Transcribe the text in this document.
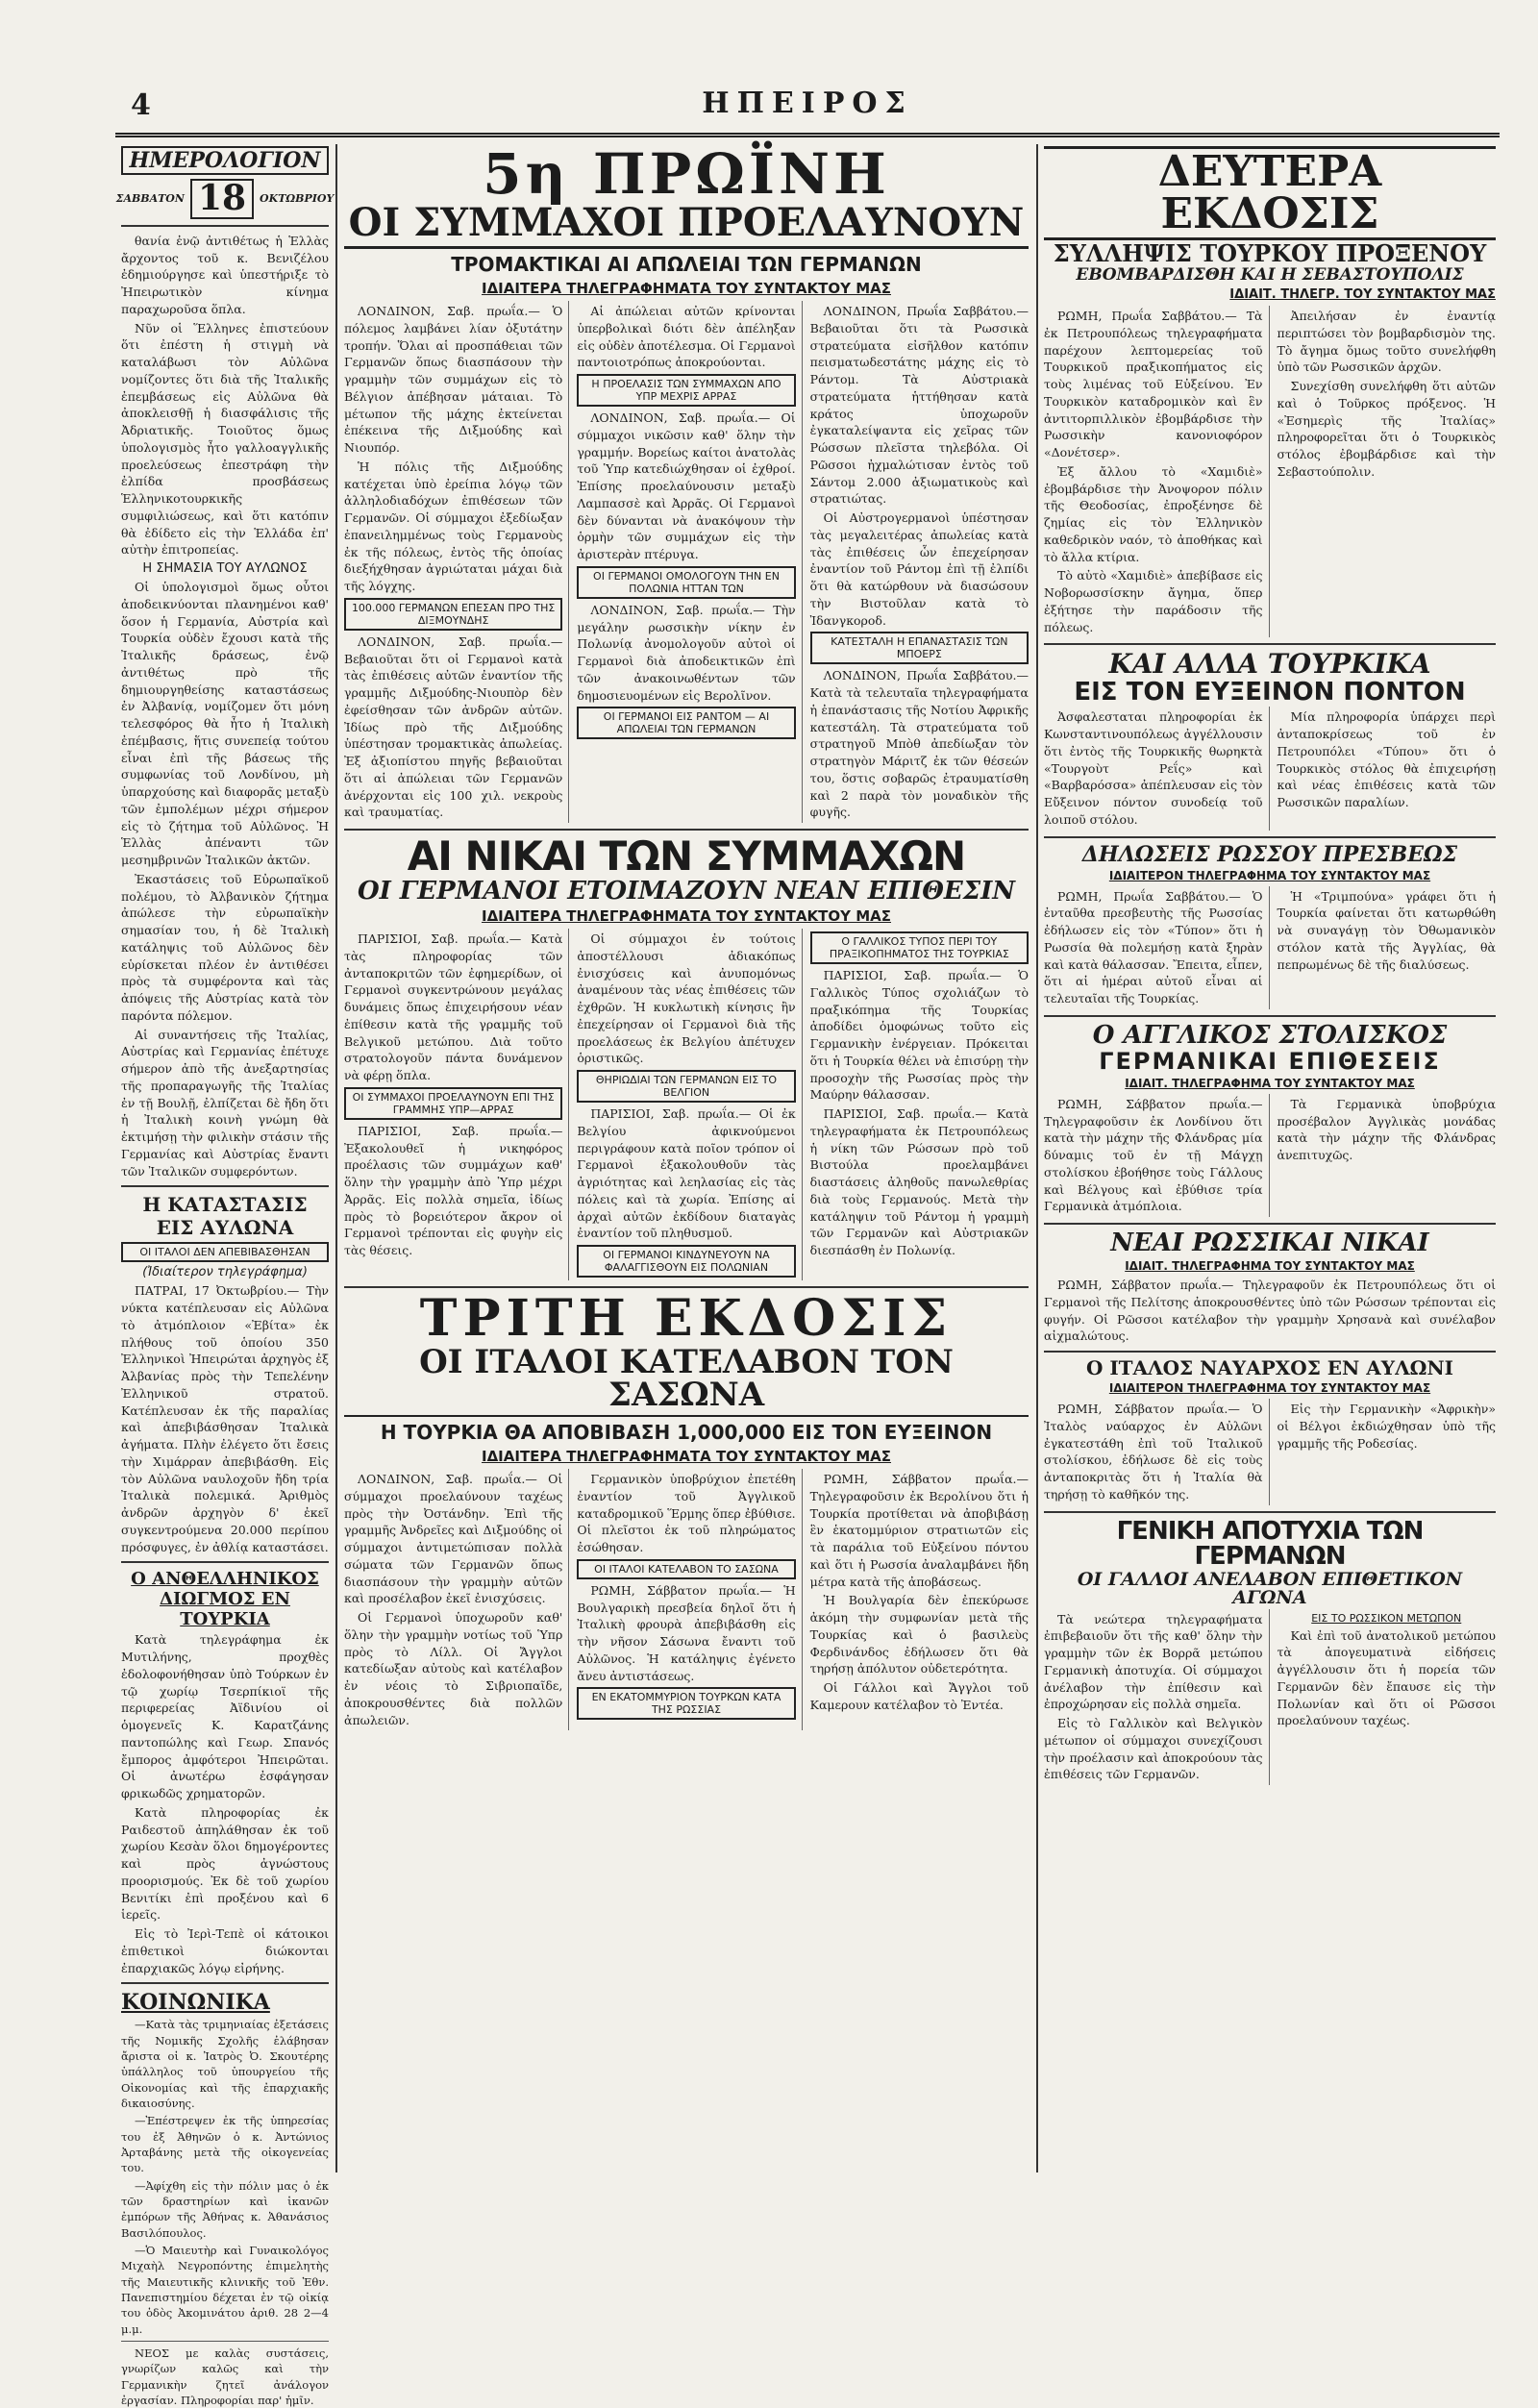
4	ΗΠΕΙΡΟΣ
ΗΜΕΡΟΛΟΓΙΟΝ
ΣΑΒΒΑΤΟΝ 18	ΟΚΤΩΒΡΙΟΥ

θανία ἐνῷ ἀντιθέτως ἡ Ἑλλὰς ἄρχοντος τοῦ κ. Βενιζέλου ἐδημιούργησε καὶ ὑπεστήριξε τὸ Ἠπειρωτικὸν κίνημα παραχωροῦσα ὅπλα.

Νῦν οἱ Ἕλληνες ἐπιστεύουν ὅτι ἐπέστη ἡ στιγμὴ νὰ καταλάβωσι τὸν Αὐλῶνα νομίζοντες ὅτι διὰ τῆς Ἰταλικῆς ἐπεμβάσεως εἰς Αὐλῶνα θὰ ἀποκλεισθῇ ἡ διασφάλισις τῆς Ἀδριατικῆς. Τοιοῦτος ὅμως ὑπολογισμὸς ἦτο γαλλοαγγλικῆς προελεύσεως ἐπεστράφη τὴν ἐλπίδα προσβάσεως Ἑλληνικοτουρκικῆς συμφιλιώσεως, καὶ ὅτι κατόπιν θὰ ἐδίδετο εἰς τὴν Ἑλλάδα ἐπ' αὐτὴν ἐπιτροπείας.

Η ΣΗΜΑΣΙΑ ΤΟΥ ΑΥΛΩΝΟΣ

Οἱ ὑπολογισμοὶ ὅμως οὗτοι ἀποδεικνύονται πλανημένοι καθ' ὅσον ἡ Γερμανία, Αὐστρία καὶ Τουρκία οὐδὲν ἔχουσι κατὰ τῆς Ἰταλικῆς δράσεως, ἐνῷ ἀντιθέτως πρὸ τῆς δημιουργηθείσης καταστάσεως ἐν Ἀλβανίᾳ, νομίζομεν ὅτι μόνη τελεσφόρος θὰ ἦτο ἡ Ἰταλικὴ ἐπέμβασις, ἥτις συνεπείᾳ τούτου εἶναι ἐπὶ τῆς βάσεως τῆς συμφωνίας τοῦ Λονδίνου, μὴ ὑπαρχούσης καὶ διαφορᾶς μεταξὺ τῶν ἐμπολέμων μέχρι σήμερον εἰς τὸ ζήτημα τοῦ Αὐλῶνος. Ἡ Ἑλλὰς ἀπέναντι τῶν μεσημβρινῶν Ἰταλικῶν ἀκτῶν.

Ἐκαστάσεις τοῦ Εὐρωπαϊκοῦ πολέμου, τὸ Ἀλβανικὸν ζήτημα ἀπώλεσε τὴν εὐρωπαϊκὴν σημασίαν του, ἡ δὲ Ἰταλικὴ κατάληψις τοῦ Αὐλῶνος δὲν εὑρίσκεται πλέον ἐν ἀντιθέσει πρὸς τὰ συμφέροντα καὶ τὰς ἀπόψεις τῆς Αὐστρίας κατὰ τὸν παρόντα πόλεμον.

Αἱ συναντήσεις τῆς Ἰταλίας, Αὐστρίας καὶ Γερμανίας ἐπέτυχε σήμερον ἀπὸ τῆς ἀνεξαρτησίας τῆς προπαραγωγῆς τῆς Ἰταλίας ἐν τῇ Βουλῇ, ἐλπίζεται δὲ ἤδη ὅτι ἡ Ἰταλικὴ κοινὴ γνώμη θὰ ἐκτιμήσῃ τὴν φιλικὴν στάσιν τῆς Γερμανίας καὶ Αὐστρίας ἔναντι τῶν Ἰταλικῶν συμφερόντων.

Η ΚΑΤΑΣΤΑΣΙΣ ΕΙΣ ΑΥΛΩΝΑ
ΟΙ ΙΤΑΛΟΙ ΔΕΝ ΑΠΕΒΙΒΑΣΘΗΣΑΝ
(Ἰδιαίτερον τηλεγράφημα)

ΠΑΤΡΑΙ, 17 Ὀκτωβρίου.— Τὴν νύκτα κατέπλευσαν εἰς Αὐλῶνα τὸ ἀτμόπλοιον «Ἐβίτα» ἐκ πλήθους τοῦ ὁποίου 350 Ἐλληνικοὶ Ἠπειρώται ἀρχηγὸς ἐξ Ἀλβανίας πρὸς τὴν Τεπελένην Ἐλληνικοῦ στρατοῦ. Κατέπλευσαν ἐκ τῆς παραλίας καὶ ἀπεβιβάσθησαν Ἰταλικὰ ἀγήματα. Πλὴν ἐλέγετο ὅτι ἔσεις τὴν Χιμάρραν ἀπεβιβάσθη. Εἰς τὸν Αὐλῶνα ναυλοχοῦν ἤδη τρία Ἰταλικὰ πολεμικά. Ἀριθμὸς ἀνδρῶν ἀρχηγὸν δ' ἐκεῖ συγκεντρούμενα 20.000 περίπου πρόσφυγες, ἐν ἀθλίᾳ καταστάσει.

Ο ΑΝΘΕΛΛΗΝΙΚΟΣ ΔΙΩΓΜΟΣ ΕΝ ΤΟΥΡΚΙΑ

Κατὰ τηλεγράφημα ἐκ Μυτιλήνης, προχθὲς ἐδολοφονήθησαν ὑπὸ Τούρκων ἐν τῷ χωρίῳ Τσερπίκιοϊ τῆς περιφερείας Ἀϊδινίου οἱ ὁμογενεῖς Κ. Καρατζάνης παντοπώλης καὶ Γεωρ. Σπανός ἔμπορος ἀμφότεροι Ἠπειρῶται. Οἱ ἀνωτέρω ἐσφάγησαν φρικωδῶς χρηματορῶν.

Κατὰ πληροφορίας ἐκ Ραιδεστοῦ ἀπηλάθησαν ἐκ τοῦ χωρίου Κεσὰν ὅλοι δημογέροντες καὶ πρὸς ἀγνώστους προορισμούς. Ἐκ δὲ τοῦ χωρίου Βενιτίκι ἐπὶ προξένου καὶ 6 ἱερεῖς.

Εἰς τὸ Ἰερὶ-Τεπὲ οἱ κάτοικοι ἐπιθετικοὶ διώκονται ἐπαρχιακῶς λόγῳ εἰρήνης.

ΚΟΙΝΩΝΙΚΑ

—Κατὰ τὰς τριμηνιαίας ἐξετάσεις τῆς Νομικῆς Σχολῆς ἐλάβησαν ἄριστα οἱ κ. Ἰατρὸς Ὀ. Σκουτέρης ὑπάλληλος τοῦ ὑπουργείου τῆς Οἰκονομίας καὶ τῆς ἐπαρχιακῆς δικαιοσύνης.

—Ἐπέστρεψεν ἐκ τῆς ὑπηρεσίας του ἐξ Ἀθηνῶν ὁ κ. Ἀντώνιος Ἀρταβάνης μετὰ τῆς οἰκογενείας του.

—Ἀφίχθη εἰς τὴν πόλιν μας ὁ ἐκ τῶν δραστηρίων καὶ ἱκανῶν ἐμπόρων τῆς Ἀθήνας κ. Ἀθανάσιος Βασιλόπουλος.

—Ὁ Μαιευτὴρ καὶ Γυναικολόγος Μιχαὴλ Νεγροπόντης ἐπιμελητὴς τῆς Μαιευτικῆς κλινικῆς τοῦ Ἐθν. Πανεπιστημίου δέχεται ἐν τῷ οἰκίᾳ του ὁδὸς Ἀκομινάτου ἀριθ. 28 2—4 μ.μ.

ΝΕΟΣ με καλὰς συστάσεις, γνωρίζων καλῶς καὶ τὴν Γερμανικὴν ζητεῖ ἀνάλογον ἐργασίαν. Πληροφορίαι παρ' ἡμῖν.

5η ΠΡΩΪΝΗ
ΟΙ ΣΥΜΜΑΧΟΙ ΠΡΟΕΛΑΥΝΟΥΝ
ΤΡΟΜΑΚΤΙΚΑΙ ΑΙ ΑΠΩΛΕΙΑΙ ΤΩΝ ΓΕΡΜΑΝΩΝ
ΙΔΙΑΙΤΕΡΑ ΤΗΛΕΓΡΑΦΗΜΑΤΑ ΤΟΥ ΣΥΝΤΑΚΤΟΥ ΜΑΣ

ΛΟΝΔΙΝΟΝ, Σαβ. πρωΐα.— Ὁ πόλεμος λαμβάνει λίαν ὀξυτάτην τροπήν. Ὅλαι αἱ προσπάθειαι τῶν Γερμανῶν ὅπως διασπάσουν τὴν γραμμὴν τῶν συμμάχων εἰς τὸ Βέλγιον ἀπέβησαν μάταιαι. Τὸ μέτωπον τῆς μάχης ἐκτείνεται ἐπέκεινα τῆς Διξμούδης καὶ Νιουπόρ.

Ἡ πόλις τῆς Διξμούδης κατέχεται ὑπὸ ἐρείπια λόγῳ τῶν ἀλληλοδιαδόχων ἐπιθέσεων τῶν Γερμανῶν. Οἱ σύμμαχοι ἐξεδίωξαν ἐπανειλημμένως τοὺς Γερμανοὺς ἐκ τῆς πόλεως, ἐντὸς τῆς ὁποίας διεξήχθησαν ἀγριώταται μάχαι διὰ τῆς λόγχης.

100.000 ΓΕΡΜΑΝΩΝ ΕΠΕΣΑΝ ΠΡΟ ΤΗΣ ΔΙΞΜΟΥΝΔΗΣ

ΛΟΝΔΙΝΟΝ, Σαβ. πρωΐα.— Βεβαιοῦται ὅτι οἱ Γερμανοὶ κατὰ τὰς ἐπιθέσεις αὐτῶν ἐναντίον τῆς γραμμῆς Διξμούδης-Νιουπὸρ δὲν ἐφείσθησαν τῶν ἀνδρῶν αὐτῶν. Ἰδίως πρὸ τῆς Διξμούδης ὑπέστησαν τρομακτικὰς ἀπωλείας. Ἐξ ἀξιοπίστου πηγῆς βεβαιοῦται ὅτι αἱ ἀπώλειαι τῶν Γερμανῶν ἀνέρχονται εἰς 100 χιλ. νεκροὺς καὶ τραυματίας.

Αἱ ἀπώλειαι αὐτῶν κρίνονται ὑπερβολικαὶ διότι δὲν ἀπέληξαν εἰς οὐδὲν ἀποτέλεσμα. Οἱ Γερμανοὶ παντοιοτρόπως ἀποκρούονται.

Η ΠΡΟΕΛΑΣΙΣ ΤΩΝ ΣΥΜΜΑΧΩΝ ΑΠΟ ΥΠΡ ΜΕΧΡΙΣ ΑΡΡΑΣ

ΛΟΝΔΙΝΟΝ, Σαβ. πρωΐα.— Οἱ σύμμαχοι νικῶσιν καθ' ὅλην τὴν γραμμήν. Βορείως καίτοι ἀνατολὰς τοῦ Ὑπρ κατεδιώχθησαν οἱ ἐχθροί. Ἐπίσης προελαύνουσιν μεταξὺ Λαμπασσὲ καὶ Ἀρρᾶς. Οἱ Γερμανοὶ δὲν δύνανται νὰ ἀνακόψουν τὴν ὁρμὴν τῶν συμμάχων εἰς τὴν ἀριστερὰν πτέρυγα.

ΟΙ ΓΕΡΜΑΝΟΙ ΟΜΟΛΟΓΟΥΝ ΤΗΝ ΕΝ ΠΟΛΩΝΙΑ ΗΤΤΑΝ ΤΩΝ

ΛΟΝΔΙΝΟΝ, Σαβ. πρωΐα.— Τὴν μεγάλην ρωσσικὴν νίκην ἐν Πολωνίᾳ ἀνομολογοῦν αὐτοὶ οἱ Γερμανοὶ διὰ ἀποδεικτικῶν ἐπὶ τῶν ἀνακοινωθέντων τῶν δημοσιευομένων εἰς Βερολῖνον.

ΟΙ ΓΕΡΜΑΝΟΙ ΕΙΣ ΡΑΝΤΟΜ — ΑΙ ΑΠΩΛΕΙΑΙ ΤΩΝ ΓΕΡΜΑΝΩΝ

ΛΟΝΔΙΝΟΝ, Πρωΐα Σαββάτου.— Βεβαιοῦται ὅτι τὰ Ρωσσικὰ στρατεύματα εἰσῆλθον κατόπιν πεισματωδεστάτης μάχης εἰς τὸ Ράντομ. Τὰ Αὐστριακὰ στρατεύματα ἡττήθησαν κατὰ κράτος ὑποχωροῦν ἐγκαταλείψαντα εἰς χεῖρας τῶν Ρώσσων πλεῖστα τηλεβόλα. Οἱ Ρῶσσοι ἠχμαλώτισαν ἐντὸς τοῦ Σάντομ 2.000 ἀξιωματικοὺς καὶ στρατιώτας.

Οἱ Αὐστρογερμανοὶ ὑπέστησαν τὰς μεγαλειτέρας ἀπωλείας κατὰ τὰς ἐπιθέσεις ὧν ἐπεχείρησαν ἐναντίον τοῦ Ράντομ ἐπὶ τῇ ἐλπίδι ὅτι θὰ κατώρθουν νὰ διασώσουν τὴν Βιστοῦλαν κατὰ τὸ Ἰδανγκοροδ.

ΚΑΤΕΣΤΑΛΗ Η ΕΠΑΝΑΣΤΑΣΙΣ ΤΩΝ ΜΠΟΕΡΣ

ΛΟΝΔΙΝΟΝ, Πρωΐα Σαββάτου.— Κατὰ τὰ τελευταῖα τηλεγραφήματα ἡ ἐπανάστασις τῆς Νοτίου Ἀφρικῆς κατεστάλη. Τὰ στρατεύματα τοῦ στρατηγοῦ Μπὸθ ἀπεδίωξαν τὸν στρατηγὸν Μάριτζ ἐκ τῶν θέσεών του, ὅστις σοβαρῶς ἐτραυματίσθη καὶ 2 παρὰ τὸν μοναδικὸν τῆς φυγῆς.

ΑΙ ΝΙΚΑΙ ΤΩΝ ΣΥΜΜΑΧΩΝ
ΟΙ ΓΕΡΜΑΝΟΙ ΕΤΟΙΜΑΖΟΥΝ ΝΕΑΝ ΕΠΙΘΕΣΙΝ
ΙΔΙΑΙΤΕΡΑ ΤΗΛΕΓΡΑΦΗΜΑΤΑ ΤΟΥ ΣΥΝΤΑΚΤΟΥ ΜΑΣ

ΠΑΡΙΣΙΟΙ, Σαβ. πρωΐα.— Κατὰ τὰς πληροφορίας τῶν ἀνταποκριτῶν τῶν ἐφημερίδων, οἱ Γερμανοὶ συγκεντρώνουν μεγάλας δυνάμεις ὅπως ἐπιχειρήσουν νέαν ἐπίθεσιν κατὰ τῆς γραμμῆς τοῦ Βελγικοῦ μετώπου. Διὰ τοῦτο στρατολογοῦν πάντα δυνάμενον νὰ φέρῃ ὅπλα.

ΟΙ ΣΥΜΜΑΧΟΙ ΠΡΟΕΛΑΥΝΟΥΝ ΕΠΙ ΤΗΣ ΓΡΑΜΜΗΣ ΥΠΡ—ΑΡΡΑΣ

ΠΑΡΙΣΙΟΙ, Σαβ. πρωΐα.— Ἐξακολουθεῖ ἡ νικηφόρος προέλασις τῶν συμμάχων καθ' ὅλην τὴν γραμμὴν ἀπὸ Ὑπρ μέχρι Ἀρρᾶς. Εἰς πολλὰ σημεῖα, ἰδίως πρὸς τὸ βορειότερον ἄκρον οἱ Γερμανοὶ τρέπονται εἰς φυγὴν εἰς τὰς θέσεις.

Οἱ σύμμαχοι ἐν τούτοις ἀποστέλλουσι ἀδιακόπως ἐνισχύσεις καὶ ἀνυπομόνως ἀναμένουν τὰς νέας ἐπιθέσεις τῶν ἐχθρῶν. Ἡ κυκλωτικὴ κίνησις ἢν ἐπεχείρησαν οἱ Γερμανοὶ διὰ τῆς προελάσεως ἐκ Βελγίου ἀπέτυχεν ὁριστικῶς.

ΘΗΡΙΩΔΙΑΙ ΤΩΝ ΓΕΡΜΑΝΩΝ ΕΙΣ ΤΟ ΒΕΛΓΙΟΝ

ΠΑΡΙΣΙΟΙ, Σαβ. πρωΐα.— Οἱ ἐκ Βελγίου ἀφικνούμενοι περιγράφουν κατὰ ποῖον τρόπον οἱ Γερμανοὶ ἐξακολουθοῦν τὰς ἀγριότητας καὶ λεηλασίας εἰς τὰς πόλεις καὶ τὰ χωρία. Ἐπίσης αἱ ἀρχαὶ αὐτῶν ἐκδίδουν διαταγὰς ἐναντίον τοῦ πληθυσμοῦ.

ΟΙ ΓΕΡΜΑΝΟΙ ΚΙΝΔΥΝΕΥΟΥΝ ΝΑ ΦΑΛΑΓΓΙΣΘΟΥΝ ΕΙΣ ΠΟΛΩΝΙΑΝ
Ο ΓΑΛΛΙΚΟΣ ΤΥΠΟΣ ΠΕΡΙ ΤΟΥ ΠΡΑΞΙΚΟΠΗΜΑΤΟΣ ΤΗΣ ΤΟΥΡΚΙΑΣ

ΠΑΡΙΣΙΟΙ, Σαβ. πρωΐα.— Ὁ Γαλλικὸς Τύπος σχολιάζων τὸ πραξικόπημα τῆς Τουρκίας ἀποδίδει ὁμοφώνως τοῦτο εἰς Γερμανικὴν ἐνέργειαν. Πρόκειται ὅτι ἡ Τουρκία θέλει νὰ ἐπισύρῃ τὴν προσοχὴν τῆς Ρωσσίας πρὸς τὴν Μαύρην θάλασσαν.

ΠΑΡΙΣΙΟΙ, Σαβ. πρωΐα.— Κατὰ τηλεγραφήματα ἐκ Πετρουπόλεως ἡ νίκη τῶν Ρώσσων πρὸ τοῦ Βιστούλα προελαμβάνει διαστάσεις ἀληθοῦς πανωλεθρίας διὰ τοὺς Γερμανούς. Μετὰ τὴν κατάληψιν τοῦ Ράντομ ἡ γραμμὴ τῶν Γερμανῶν καὶ Αὐστριακῶν διεσπάσθη ἐν Πολωνίᾳ.

ΤΡΙΤΗ ΕΚΔΟΣΙΣ
ΟΙ ΙΤΑΛΟΙ ΚΑΤΕΛΑΒΟΝ ΤΟΝ ΣΑΣΩΝΑ
Η ΤΟΥΡΚΙΑ ΘΑ ΑΠΟΒΙΒΑΣΗ 1,000,000 ΕΙΣ ΤΟΝ ΕΥΞΕΙΝΟΝ
ΙΔΙΑΙΤΕΡΑ ΤΗΛΕΓΡΑΦΗΜΑΤΑ ΤΟΥ ΣΥΝΤΑΚΤΟΥ ΜΑΣ

ΛΟΝΔΙΝΟΝ, Σαβ. πρωΐα.— Οἱ σύμμαχοι προελαύνουν ταχέως πρὸς τὴν Ὀστάνδην. Ἐπὶ τῆς γραμμῆς Ἀνδρεῖες καὶ Διξμούδης οἱ σύμμαχοι ἀντιμετώπισαν πολλὰ σώματα τῶν Γερμανῶν ὅπως διασπάσουν τὴν γραμμὴν αὐτῶν καὶ προσέλαβον ἐκεῖ ἐνισχύσεις.

Οἱ Γερμανοὶ ὑποχωροῦν καθ' ὅλην τὴν γραμμὴν νοτίως τοῦ Ὑπρ πρὸς τὸ Λίλλ. Οἱ Ἄγγλοι κατεδίωξαν αὐτοὺς καὶ κατέλαβον ἐν νέοις τὸ Σιβριοπαῖδε, ἀποκρουσθέντες διὰ πολλῶν ἀπωλειῶν.

Γερμανικὸν ὑποβρύχιον ἐπετέθη ἐναντίον τοῦ Ἀγγλικοῦ καταδρομικοῦ Ἕρμης ὅπερ ἐβύθισε. Οἱ πλεῖστοι ἐκ τοῦ πληρώματος ἐσώθησαν.

ΟΙ ΙΤΑΛΟΙ ΚΑΤΕΛΑΒΟΝ ΤΟ ΣΑΣΩΝΑ

ΡΩΜΗ, Σάββατον πρωΐα.— Ἡ Βουλγαρικὴ πρεσβεία δηλοῖ ὅτι ἡ Ἰταλικὴ φρουρὰ ἀπεβιβάσθη εἰς τὴν νῆσον Σάσωνα ἔναντι τοῦ Αὐλῶνος. Ἡ κατάληψις ἐγένετο ἄνευ ἀντιστάσεως.

ΕΝ ΕΚΑΤΟΜΜΥΡΙΟΝ ΤΟΥΡΚΩΝ ΚΑΤΑ ΤΗΣ ΡΩΣΣΙΑΣ

ΡΩΜΗ, Σάββατον πρωΐα.— Τηλεγραφοῦσιν ἐκ Βερολίνου ὅτι ἡ Τουρκία προτίθεται νὰ ἀποβιβάσῃ ἓν ἑκατομμύριον στρατιωτῶν εἰς τὰ παράλια τοῦ Εὐξείνου πόντου καὶ ὅτι ἡ Ρωσσία ἀναλαμβάνει ἤδη μέτρα κατὰ τῆς ἀποβάσεως.

Ἡ Βουλγαρία δὲν ἐπεκύρωσε ἀκόμη τὴν συμφωνίαν μετὰ τῆς Τουρκίας καὶ ὁ βασιλεὺς Φερδινάνδος ἐδήλωσεν ὅτι θὰ τηρήσῃ ἀπόλυτον οὐδετερότητα.

Οἱ Γάλλοι καὶ Ἄγγλοι τοῦ Καμερουν κατέλαβον τὸ Ἐντέα.

ΔΕΥΤΕΡΑ ΕΚΔΟΣΙΣ
ΣΥΛΛΗΨΙΣ ΤΟΥΡΚΟΥ ΠΡΟΞΕΝΟΥ
ΕΒΟΜΒΑΡΔΙΣΘΗ ΚΑΙ Η ΣΕΒΑΣΤΟΥΠΟΛΙΣ
ΙΔΙΑΙΤ. ΤΗΛΕΓΡ. ΤΟΥ ΣΥΝΤΑΚΤΟΥ ΜΑΣ

ΡΩΜΗ, Πρωΐα Σαββάτου.— Τὰ ἐκ Πετρουπόλεως τηλεγραφήματα παρέχουν λεπτομερείας τοῦ Τουρκικοῦ πραξικοπήματος εἰς τοὺς λιμένας τοῦ Εὐξείνου. Ἐν Τουρκικὸν καταδρομικὸν καὶ ἓν ἀντιτορπιλλικὸν ἐβομβάρδισε τὴν Ρωσσικὴν κανονιοφόρον «Δονέτσερ».

Ἐξ ἄλλου τὸ «Χαμιδιὲ» ἐβομβάρδισε τὴν Ἀνοψορον πόλιν τῆς Θεοδοσίας, ἐπροξένησε δὲ ζημίας εἰς τὸν Ἑλληνικὸν καθεδρικὸν ναόν, τὸ ἀποθήκας καὶ τὸ ἄλλα κτίρια.

Τὸ αὐτὸ «Χαμιδιὲ» ἀπεβίβασε εἰς Νοβορωσσίσκην ἄγημα, ὅπερ ἐξήτησε τὴν παράδοσιν τῆς πόλεως.

Ἀπειλήσαν ἐν ἐναντίᾳ περιπτώσει τὸν βομβαρδισμὸν της. Τὸ ἄγημα ὅμως τοῦτο συνελήφθη ὑπὸ τῶν Ρωσσικῶν ἀρχῶν.

Συνεχίσθη συνελήφθη ὅτι αὐτῶν καὶ ὁ Τοῦρκος πρόξενος. Ἡ «Ἐσημερὶς τῆς Ἰταλίας» πληροφορεῖται ὅτι ὁ Τουρκικὸς στόλος ἐβομβάρδισε καὶ τὴν Σεβαστούπολιν.

ΚΑΙ ΑΛΛΑ ΤΟΥΡΚΙΚΑ
ΕΙΣ ΤΟΝ ΕΥΞΕΙΝΟΝ ΠΟΝΤΟΝ

Ἀσφαλεσταται πληροφορίαι ἐκ Κωνσταντινουπόλεως ἀγγέλλουσιν ὅτι ἐντὸς τῆς Τουρκικῆς θωρηκτὰ «Τουργοὺτ Ρεΐς» καὶ «Βαρβαρόσσα» ἀπέπλευσαν εἰς τὸν Εὔξεινον πόντον συνοδείᾳ τοῦ λοιποῦ στόλου.

Μία πληροφορία ὑπάρχει περὶ ἀνταποκρίσεως τοῦ ἐν Πετρουπόλει «Τύπου» ὅτι ὁ Τουρκικὸς στόλος θὰ ἐπιχειρήσῃ καὶ νέας ἐπιθέσεις κατὰ τῶν Ρωσσικῶν παραλίων.

ΔΗΛΩΣΕΙΣ ΡΩΣΣΟΥ ΠΡΕΣΒΕΩΣ
ΙΔΙΑΙΤΕΡΟΝ ΤΗΛΕΓΡΑΦΗΜΑ ΤΟΥ ΣΥΝΤΑΚΤΟΥ ΜΑΣ

ΡΩΜΗ, Πρωΐα Σαββάτου.— Ὁ ἐνταῦθα πρεσβευτὴς τῆς Ρωσσίας ἐδήλωσεν εἰς τὸν «Τύπον» ὅτι ἡ Ρωσσία θὰ πολεμήσῃ κατὰ ξηρὰν καὶ κατὰ θάλασσαν. Ἔπειτα, εἶπεν, ὅτι αἱ ἡμέραι αὐτοῦ εἶναι αἱ τελευταῖαι τῆς Τουρκίας.

Ἡ «Τριμπούνα» γράφει ὅτι ἡ Τουρκία φαίνεται ὅτι κατωρθώθη νὰ συναγάγῃ τὸν Ὀθωμανικὸν στόλον κατὰ τῆς Ἀγγλίας, θὰ πεπρωμένως δὲ τῆς διαλύσεως.

Ο ΑΓΓΛΙΚΟΣ ΣΤΟΛΙΣΚΟΣ
ΓΕΡΜΑΝΙΚΑΙ ΕΠΙΘΕΣΕΙΣ
ΙΔΙΑΙΤ. ΤΗΛΕΓΡΑΦΗΜΑ ΤΟΥ ΣΥΝΤΑΚΤΟΥ ΜΑΣ

ΡΩΜΗ, Σάββατον πρωΐα.— Τηλεγραφοῦσιν ἐκ Λονδίνου ὅτι κατὰ τὴν μάχην τῆς Φλάνδρας μία δύναμις τοῦ ἐν τῇ Μάγχῃ στολίσκου ἐβοήθησε τοὺς Γάλλους καὶ Βέλγους καὶ ἐβύθισε τρία Γερμανικὰ ἀτμόπλοια.

Τὰ Γερμανικὰ ὑποβρύχια προσέβαλον Ἀγγλικὰς μονάδας κατὰ τὴν μάχην τῆς Φλάνδρας ἀνεπιτυχῶς.

ΝΕΑΙ ΡΩΣΣΙΚΑΙ ΝΙΚΑΙ
ΙΔΙΑΙΤ. ΤΗΛΕΓΡΑΦΗΜΑ ΤΟΥ ΣΥΝΤΑΚΤΟΥ ΜΑΣ

ΡΩΜΗ, Σάββατον πρωΐα.— Τηλεγραφοῦν ἐκ Πετρουπόλεως ὅτι οἱ Γερμανοὶ τῆς Πελίτσης ἀποκρουσθέντες ὑπὸ τῶν Ρώσσων τρέπονται εἰς φυγήν. Οἱ Ρῶσσοι κατέλαβον τὴν γραμμὴν Χρησανὰ καὶ συνέλαβον αἰχμαλώτους.

Ο ΙΤΑΛΟΣ ΝΑΥΑΡΧΟΣ ΕΝ ΑΥΛΩΝΙ
ΙΔΙΑΙΤΕΡΟΝ ΤΗΛΕΓΡΑΦΗΜΑ ΤΟΥ ΣΥΝΤΑΚΤΟΥ ΜΑΣ

ΡΩΜΗ, Σάββατον πρωΐα.— Ὁ Ἰταλὸς ναύαρχος ἐν Αὐλῶνι ἐγκατεστάθη ἐπὶ τοῦ Ἰταλικοῦ στολίσκου, ἐδήλωσε δὲ εἰς τοὺς ἀνταποκριτὰς ὅτι ἡ Ἰταλία θὰ τηρήσῃ τὸ καθῆκόν της.

Εἰς τὴν Γερμανικὴν «Ἀφρικὴν» οἱ Βέλγοι ἐκδιώχθησαν ὑπὸ τῆς γραμμῆς τῆς Ροδεσίας.

ΓΕΝΙΚΗ ΑΠΟΤΥΧΙΑ ΤΩΝ ΓΕΡΜΑΝΩΝ
ΟΙ ΓΑΛΛΟΙ ΑΝΕΛΑΒΟΝ ΕΠΙΘΕΤΙΚΟΝ ΑΓΩΝΑ

Τὰ νεώτερα τηλεγραφήματα ἐπιβεβαιοῦν ὅτι τῆς καθ' ὅλην τὴν γραμμὴν τῶν ἐκ Βορρᾶ μετώπου Γερμανικὴ ἀποτυχία. Οἱ σύμμαχοι ἀνέλαβον τὴν ἐπίθεσιν καὶ ἐπροχώρησαν εἰς πολλὰ σημεῖα.

Εἰς τὸ Γαλλικὸν καὶ Βελγικὸν μέτωπον οἱ σύμμαχοι συνεχίζουσι τὴν προέλασιν καὶ ἀποκρούουν τὰς ἐπιθέσεις τῶν Γερμανῶν.

ΕΙΣ ΤΟ ΡΩΣΣΙΚΟΝ ΜΕΤΩΠΟΝ

Καὶ ἐπὶ τοῦ ἀνατολικοῦ μετώπου τὰ ἀπογευματινὰ εἰδήσεις ἀγγέλλουσιν ὅτι ἡ πορεία τῶν Γερμανῶν δὲν ἔπαυσε εἰς τὴν Πολωνίαν καὶ ὅτι οἱ Ρῶσσοι προελαύνουν ταχέως.
